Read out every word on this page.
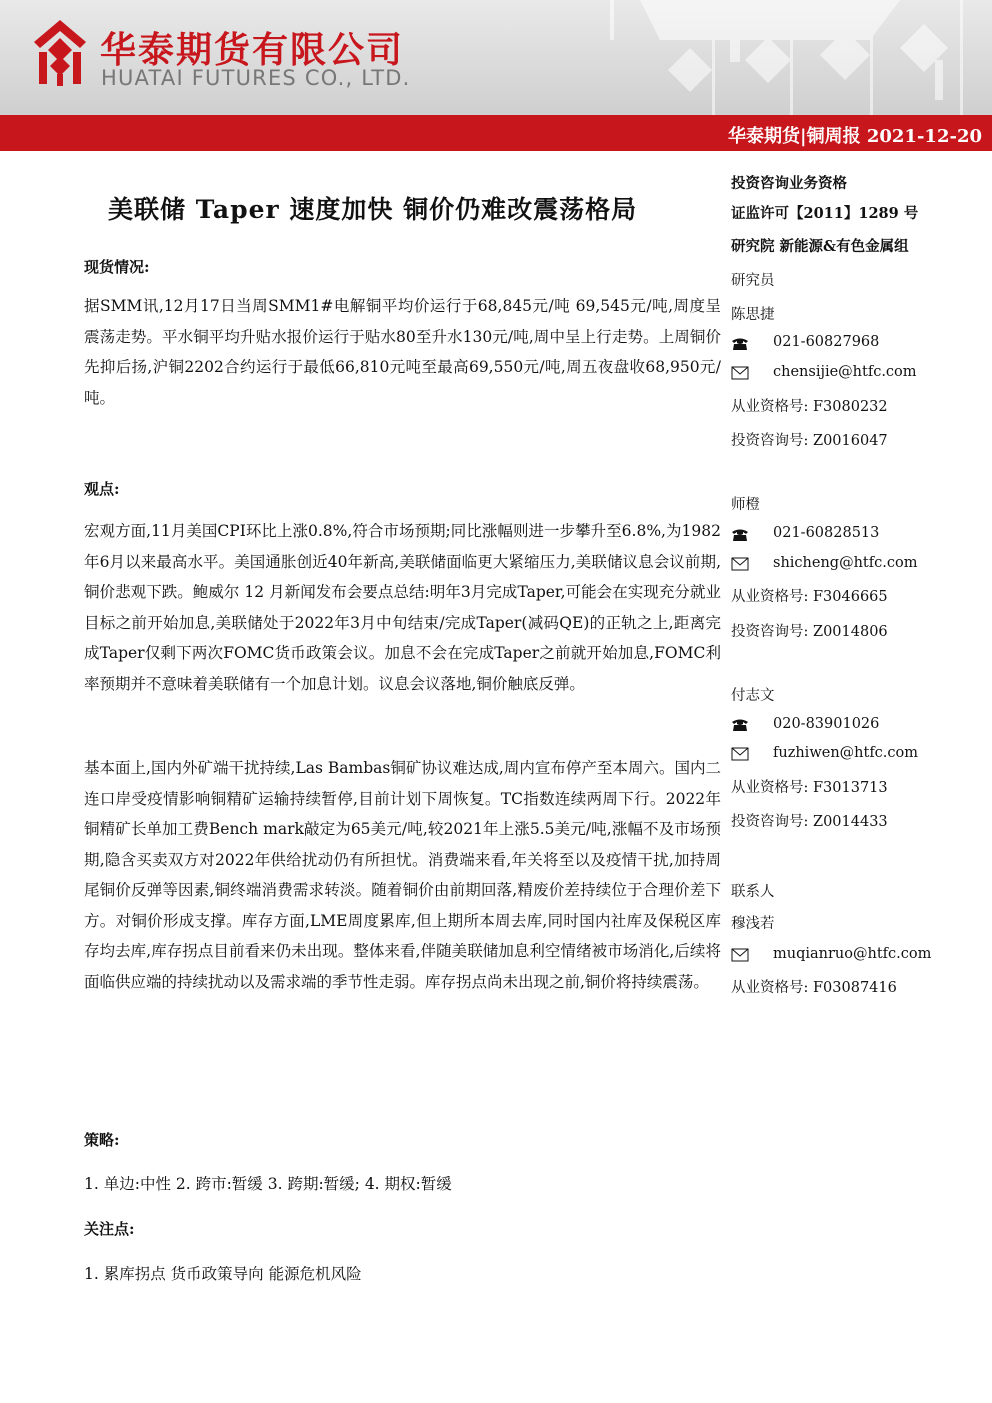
华泰期货有限公司
HUATAI FUTURES CO., LTD.
华泰期货|铜周报 2021-12-20
美联储 Taper 速度加快 铜价仍难改震荡格局
现货情况:

据SMM讯,12月17日当周SMM1#电解铜平均价运行于68,845元/吨 69,545元/吨,周度呈震荡走势。平水铜平均升贴水报价运行于贴水80至升水130元/吨,周中呈上行走势。上周铜价先抑后扬,沪铜2202合约运行于最低66,810元吨至最高69,550元/吨,周五夜盘收68,950元/吨。

观点:

宏观方面,11月美国CPI环比上涨0.8%,符合市场预期;同比涨幅则进一步攀升至6.8%,为1982年6月以来最高水平。美国通胀创近40年新高,美联储面临更大紧缩压力,美联储议息会议前期,铜价悲观下跌。鲍威尔 12 月新闻发布会要点总结:明年3月完成Taper,可能会在实现充分就业目标之前开始加息,美联储处于2022年3月中旬结束/完成Taper(减码QE)的正轨之上,距离完成Taper仅剩下两次FOMC货币政策会议。加息不会在完成Taper之前就开始加息,FOMC利率预期并不意味着美联储有一个加息计划。议息会议落地,铜价触底反弹。

基本面上,国内外矿端干扰持续,Las Bambas铜矿协议难达成,周内宣布停产至本周六。国内二连口岸受疫情影响铜精矿运输持续暂停,目前计划下周恢复。TC指数连续两周下行。2022年铜精矿长单加工费Bench mark敲定为65美元/吨,较2021年上涨5.5美元/吨,涨幅不及市场预期,隐含买卖双方对2022年供给扰动仍有所担忧。消费端来看,年关将至以及疫情干扰,加持周尾铜价反弹等因素,铜终端消费需求转淡。随着铜价由前期回落,精废价差持续位于合理价差下方。对铜价形成支撑。库存方面,LME周度累库,但上期所本周去库,同时国内社库及保税区库存均去库,库存拐点目前看来仍未出现。整体来看,伴随美联储加息利空情绪被市场消化,后续将面临供应端的持续扰动以及需求端的季节性走弱。库存拐点尚未出现之前,铜价将持续震荡。

策略:
1. 单边:中性 2. 跨市:暂缓 3. 跨期:暂缓; 4. 期权:暂缓
关注点:
1. 累库拐点 货币政策导向 能源危机风险
投资咨询业务资格
证监许可【2011】1289 号
研究院 新能源&有色金属组
研究员
陈思捷
021-60827968
chensijie@htfc.com
从业资格号: F3080232
投资咨询号: Z0016047
师橙
021-60828513
shicheng@htfc.com
从业资格号: F3046665
投资咨询号: Z0014806
付志文
020-83901026
fuzhiwen@htfc.com
从业资格号: F3013713
投资咨询号: Z0014433
联系人
穆浅若
muqianruo@htfc.com
从业资格号: F03087416
